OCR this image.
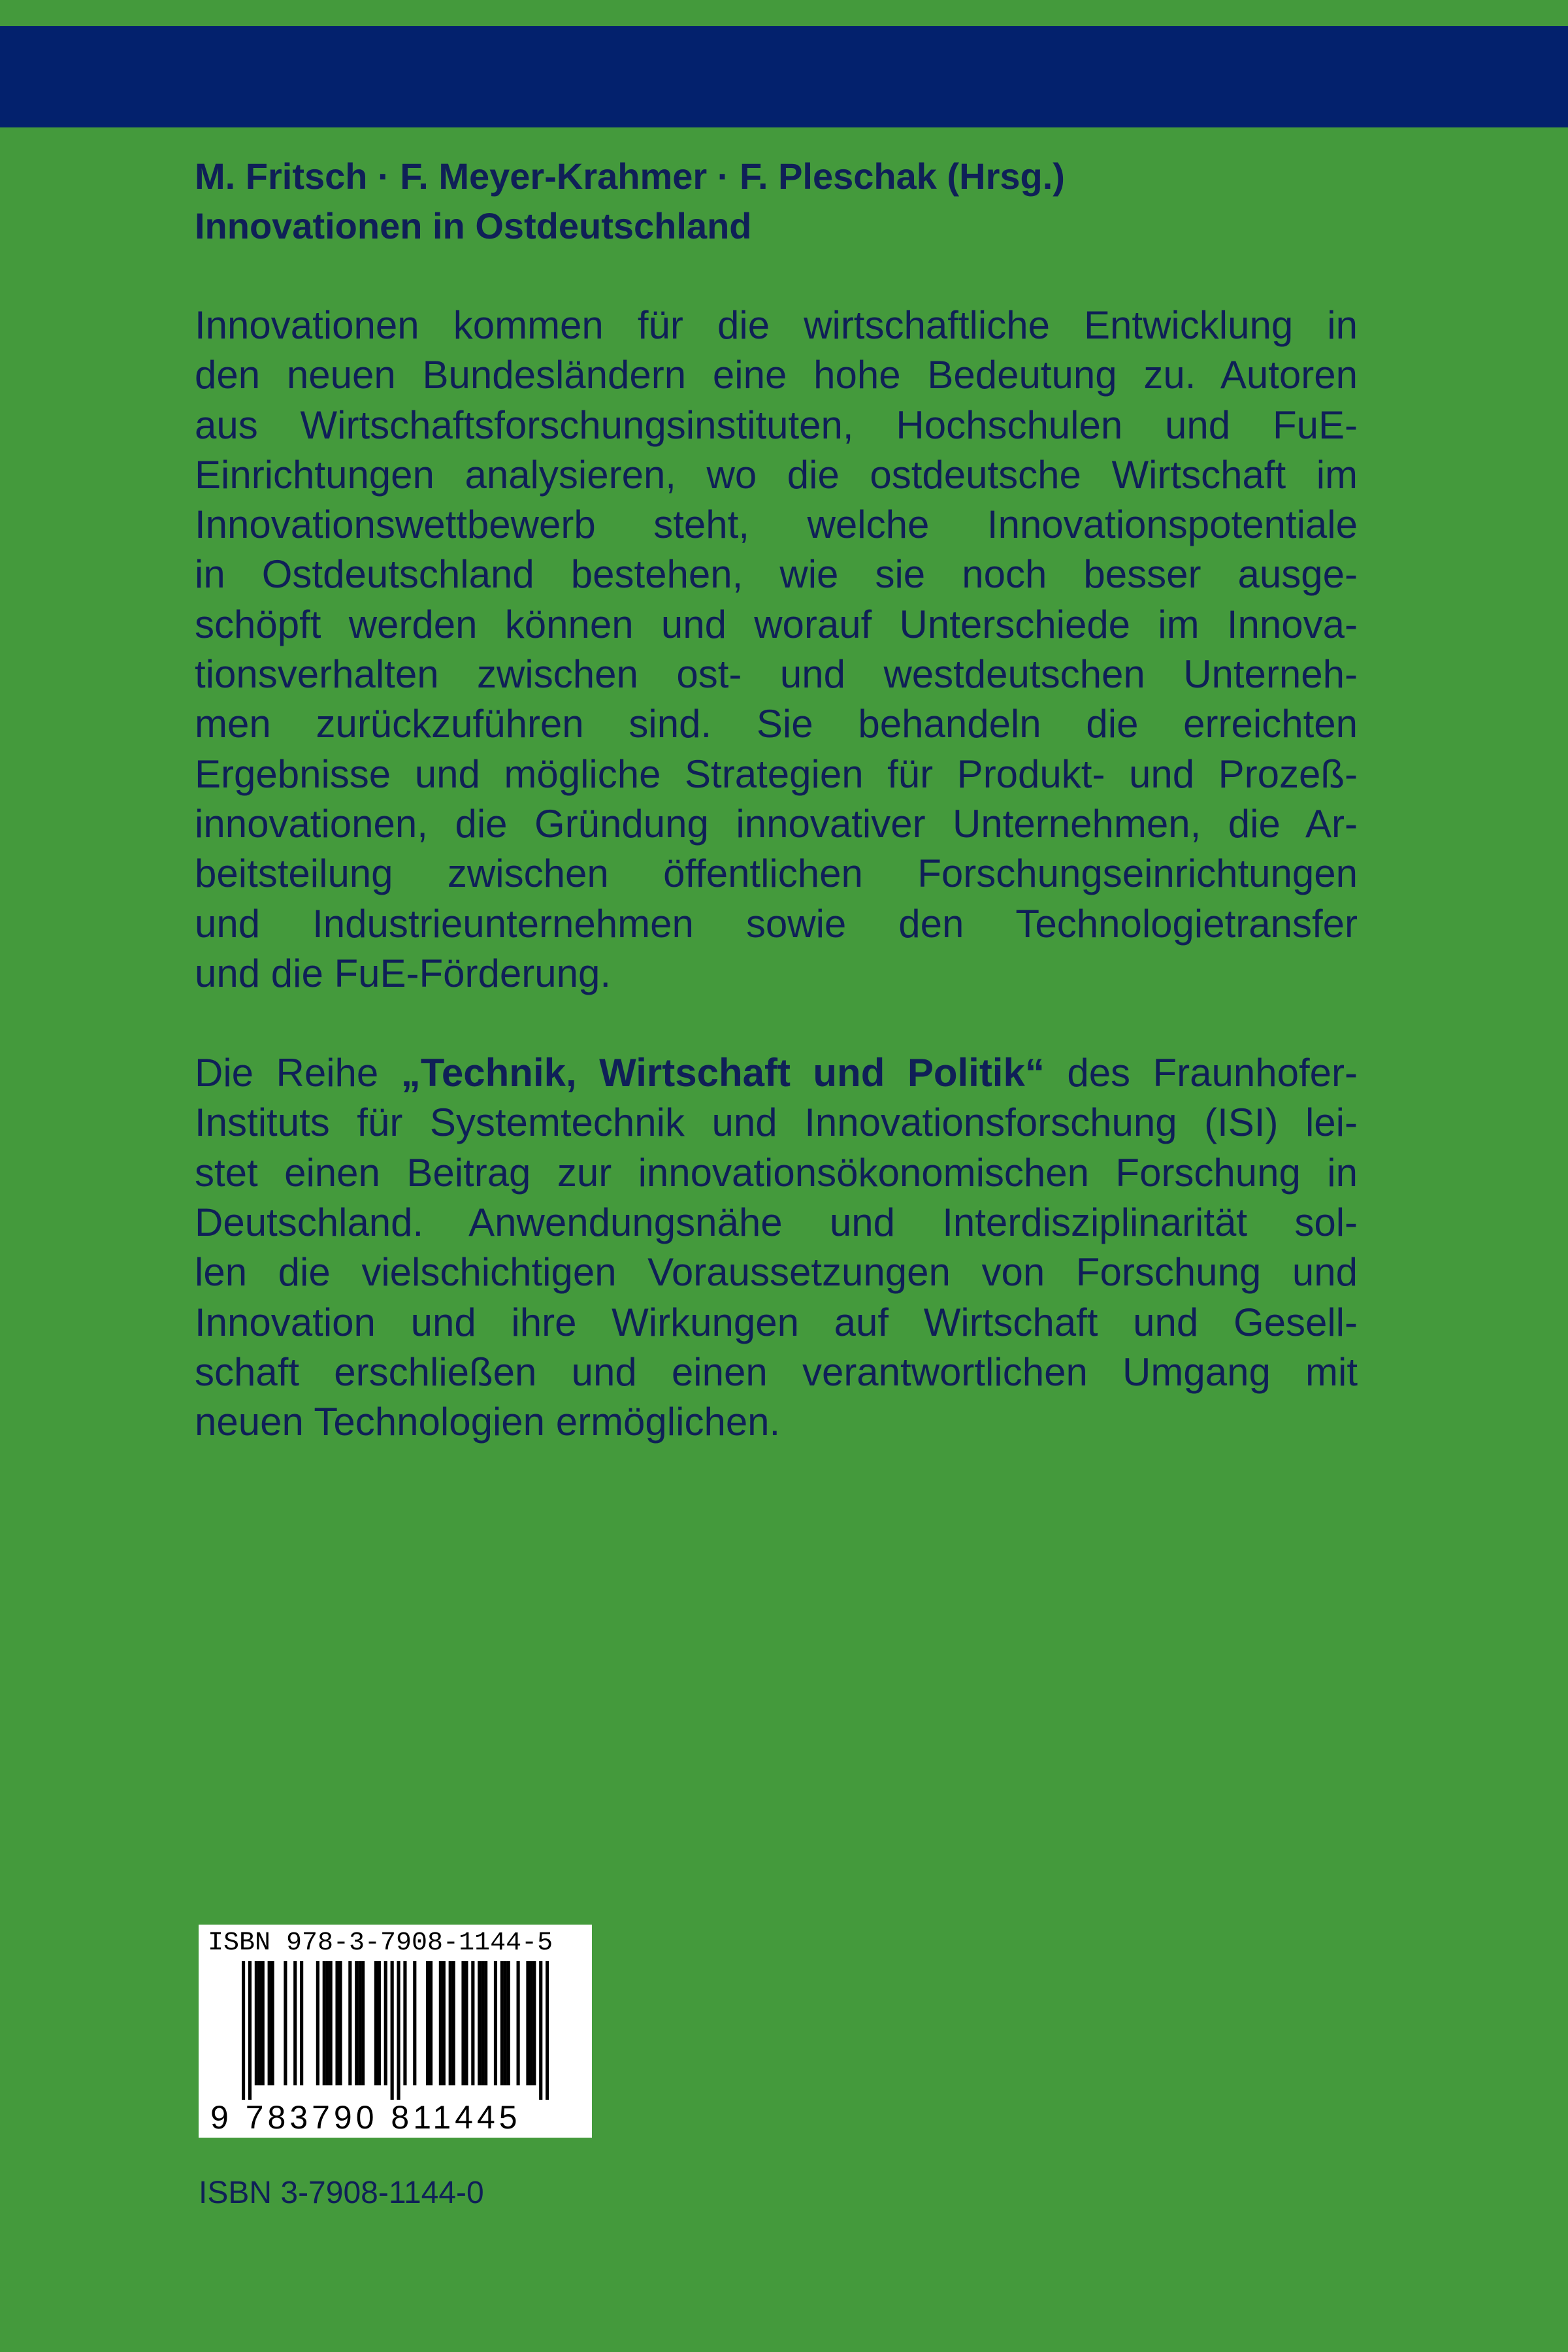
M. Fritsch · F. Meyer-Krahmer · F. Pleschak (Hrsg.)

Innovationen in Ostdeutschland

Innovationen kommen für die wirtschaftliche Entwicklung in
den neuen Bundesländern eine hohe Bedeutung zu. Autoren
aus Wirtschaftsforschungsinstituten, Hochschulen und FuE-
Einrichtungen analysieren, wo die ostdeutsche Wirtschaft im
Innovationswettbewerb steht, welche Innovationspotentiale
in Ostdeutschland bestehen, wie sie noch besser ausge-
schöpft werden können und worauf Unterschiede im Innova-
tionsverhalten zwischen ost- und westdeutschen Unterneh-
men zurückzuführen sind. Sie behandeln die erreichten
Ergebnisse und mögliche Strategien für Produkt- und Prozeß-
innovationen, die Gründung innovativer Unternehmen, die Ar-
beitsteilung zwischen öffentlichen Forschungseinrichtungen
und Industrieunternehmen sowie den Technologietransfer
und die FuE-Förderung.
Die Reihe „Technik, Wirtschaft und Politik“ des Fraunhofer-
Instituts für Systemtechnik und Innovationsforschung (ISI) lei-
stet einen Beitrag zur innovationsökonomischen Forschung in
Deutschland. Anwendungsnähe und Interdisziplinarität sol-
len die vielschichtigen Voraussetzungen von Forschung und
Innovation und ihre Wirkungen auf Wirtschaft und Gesell-
schaft erschließen und einen verantwortlichen Umgang mit
neuen Technologien ermöglichen.
ISBN 978-3-7908-1144-5
9 783790 811445
ISBN 3-7908-1144-0
